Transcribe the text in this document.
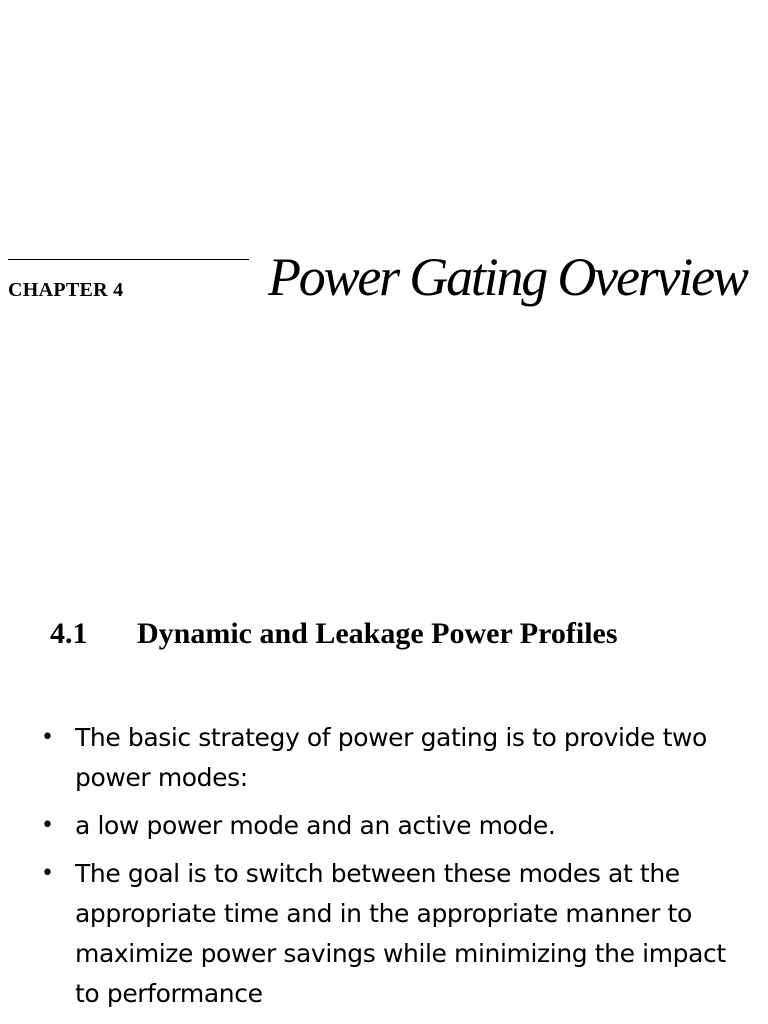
CHAPTER 4	Power Gating Overview
4.1 Dynamic and Leakage Power Profiles
• The basic strategy of power gating is to provide two power modes:
• a low power mode and an active mode.
• The goal is to switch between these modes at the appropriate time and in the appropriate manner to maximize power savings while minimizing the impact to performance
